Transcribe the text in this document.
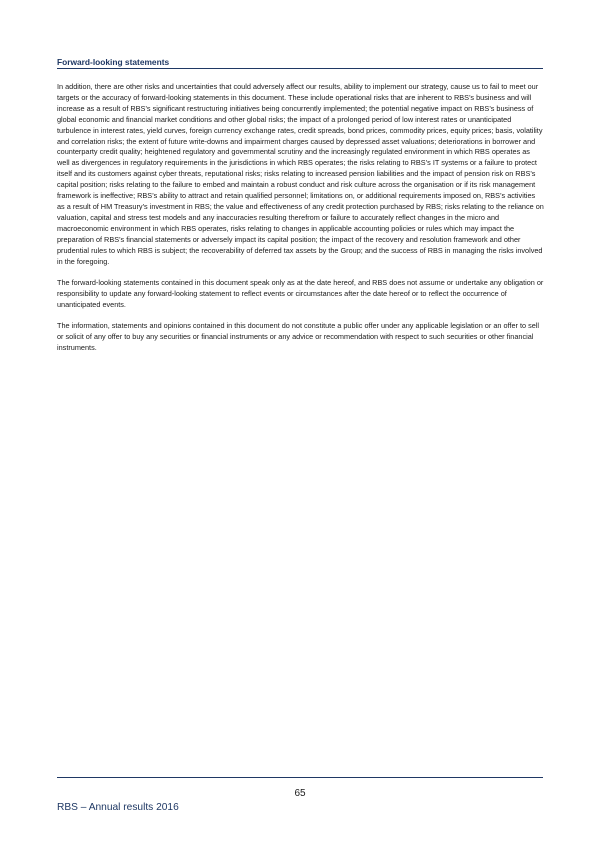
Forward-looking statements

In addition, there are other risks and uncertainties that could adversely affect our results, ability to implement our strategy, cause us to fail to meet our targets or the accuracy of forward-looking statements in this document. These include operational risks that are inherent to RBS’s business and will increase as a result of RBS’s significant restructuring initiatives being concurrently implemented; the potential negative impact on RBS’s business of global economic and financial market conditions and other global risks; the impact of a prolonged period of low interest rates or unanticipated turbulence in interest rates, yield curves, foreign currency exchange rates, credit spreads, bond prices, commodity prices, equity prices; basis, volatility and correlation risks; the extent of future write-downs and impairment charges caused by depressed asset valuations; deteriorations in borrower and counterparty credit quality; heightened regulatory and governmental scrutiny and the increasingly regulated environment in which RBS operates as well as divergences in regulatory requirements in the jurisdictions in which RBS operates; the risks relating to RBS’s IT systems or a failure to protect itself and its customers against cyber threats, reputational risks; risks relating to increased pension liabilities and the impact of pension risk on RBS’s capital position; risks relating to the failure to embed and maintain a robust conduct and risk culture across the organisation or if its risk management framework is ineffective; RBS’s ability to attract and retain qualified personnel; limitations on, or additional requirements imposed on, RBS’s activities as a result of HM Treasury’s investment in RBS; the value and effectiveness of any credit protection purchased by RBS; risks relating to the reliance on valuation, capital and stress test models and any inaccuracies resulting therefrom or failure to accurately reflect changes in the micro and macroeconomic environment in which RBS operates, risks relating to changes in applicable accounting policies or rules which may impact the preparation of RBS’s financial statements or adversely impact its capital position; the impact of the recovery and resolution framework and other prudential rules to which RBS is subject; the recoverability of deferred tax assets by the Group; and the success of RBS in managing the risks involved in the foregoing.

The forward-looking statements contained in this document speak only as at the date hereof, and RBS does not assume or undertake any obligation or responsibility to update any forward-looking statement to reflect events or circumstances after the date hereof or to reflect the occurrence of unanticipated events.

The information, statements and opinions contained in this document do not constitute a public offer under any applicable legislation or an offer to sell or solicit of any offer to buy any securities or financial instruments or any advice or recommendation with respect to such securities or other financial instruments.

65
RBS – Annual results 2016
